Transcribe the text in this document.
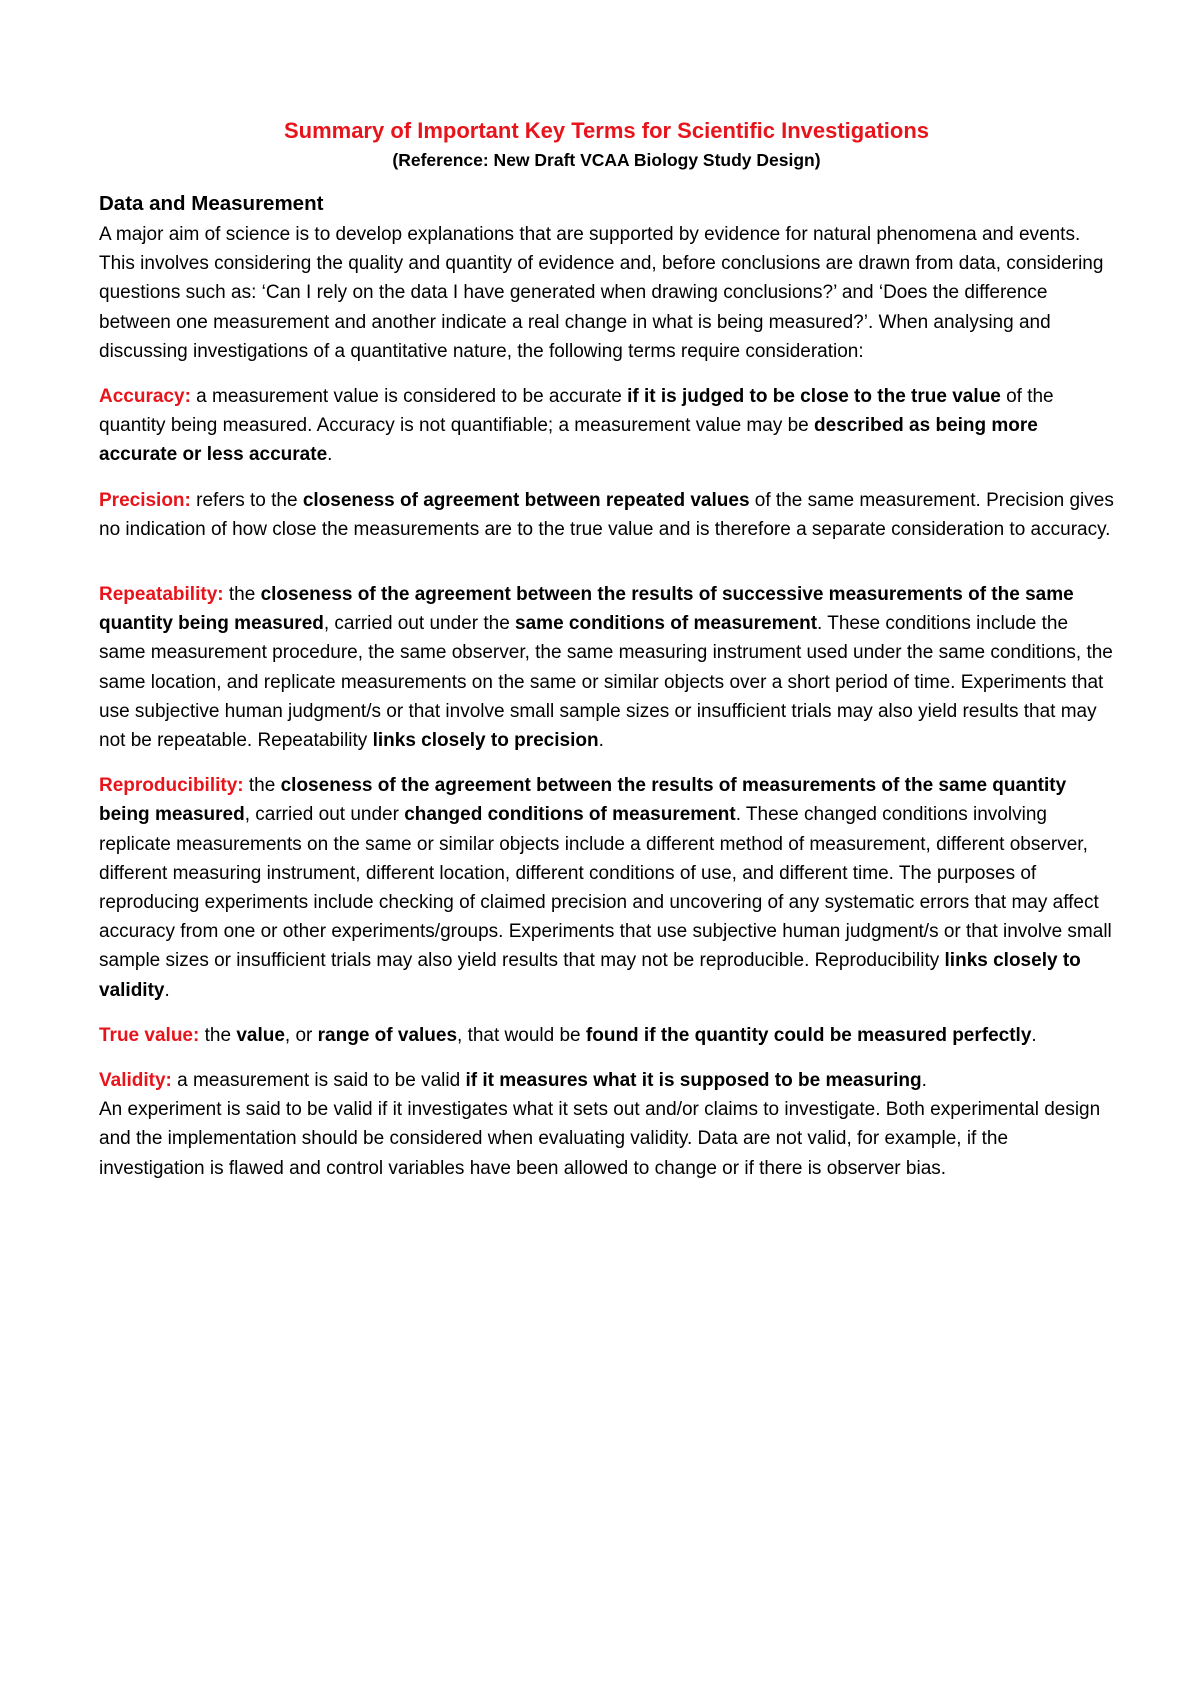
Summary of Important Key Terms for Scientific Investigations
(Reference: New Draft VCAA Biology Study Design)
Data and Measurement

A major aim of science is to develop explanations that are supported by evidence for natural phenomena and events. This involves considering the quality and quantity of evidence and, before conclusions are drawn from data, considering questions such as: ‘Can I rely on the data I have generated when drawing conclusions?’ and ‘Does the difference between one measurement and another indicate a real change in what is being measured?’. When analysing and discussing investigations of a quantitative nature, the following terms require consideration:

Accuracy: a measurement value is considered to be accurate if it is judged to be close to the true value of the quantity being measured. Accuracy is not quantifiable; a measurement value may be described as being more accurate or less accurate.

Precision: refers to the closeness of agreement between repeated values of the same measurement. Precision gives no indication of how close the measurements are to the true value and is therefore a separate consideration to accuracy.

Repeatability: the closeness of the agreement between the results of successive measurements of the same quantity being measured, carried out under the same conditions of measurement. These conditions include the same measurement procedure, the same observer, the same measuring instrument used under the same conditions, the same location, and replicate measurements on the same or similar objects over a short period of time. Experiments that use subjective human judgment/s or that involve small sample sizes or insufficient trials may also yield results that may not be repeatable. Repeatability links closely to precision.

Reproducibility: the closeness of the agreement between the results of measurements of the same quantity being measured, carried out under changed conditions of measurement. These changed conditions involving replicate measurements on the same or similar objects include a different method of measurement, different observer, different measuring instrument, different location, different conditions of use, and different time. The purposes of reproducing experiments include checking of claimed precision and uncovering of any systematic errors that may affect accuracy from one or other experiments/groups. Experiments that use subjective human judgment/s or that involve small sample sizes or insufficient trials may also yield results that may not be reproducible. Reproducibility links closely to validity.

True value: the value, or range of values, that would be found if the quantity could be measured perfectly.

Validity: a measurement is said to be valid if it measures what it is supposed to be measuring.

An experiment is said to be valid if it investigates what it sets out and/or claims to investigate. Both experimental design and the implementation should be considered when evaluating validity. Data are not valid, for example, if the investigation is flawed and control variables have been allowed to change or if there is observer bias.
